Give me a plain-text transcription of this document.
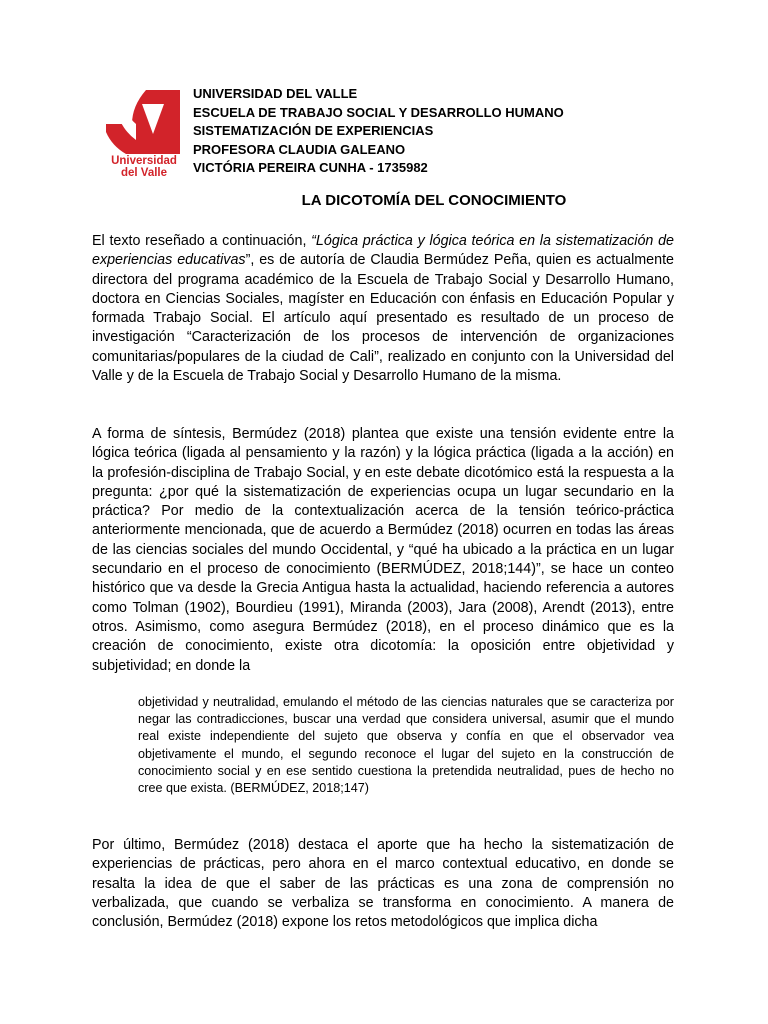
Universidad
del Valle
UNIVERSIDAD DEL VALLE
ESCUELA DE TRABAJO SOCIAL Y DESARROLLO HUMANO
SISTEMATIZACIÓN DE EXPERIENCIAS
PROFESORA CLAUDIA GALEANO
VICTÓRIA PEREIRA CUNHA - 1735982
LA DICOTOMÍA DEL CONOCIMIENTO
El texto reseñado a continuación, “Lógica práctica y lógica teórica en la sistematización de experiencias educativas”, es de autoría de Claudia Bermúdez Peña, quien es actualmente directora del programa académico de la Escuela de Trabajo Social y Desarrollo Humano, doctora en Ciencias Sociales, magíster en Educación con énfasis en Educación Popular y formada Trabajo Social. El artículo aquí presentado es resultado de un proceso de investigación “Caracterización de los procesos de intervención de organizaciones comunitarias/populares de la ciudad de Cali”, realizado en conjunto con la Universidad del Valle y de la Escuela de Trabajo Social y Desarrollo Humano de la misma.
A forma de síntesis, Bermúdez (2018) plantea que existe una tensión evidente entre la lógica teórica (ligada al pensamiento y la razón) y la lógica práctica (ligada a la acción) en la profesión-disciplina de Trabajo Social, y en este debate dicotómico está la respuesta a la pregunta: ¿por qué la sistematización de experiencias ocupa un lugar secundario en la práctica? Por medio de la contextualización acerca de la tensión teórico-práctica anteriormente mencionada, que de acuerdo a Bermúdez (2018) ocurren en todas las áreas de las ciencias sociales del mundo Occidental, y “qué ha ubicado a la práctica en un lugar secundario en el proceso de conocimiento (BERMÚDEZ, 2018;144)”, se hace un conteo histórico que va desde la Grecia Antigua hasta la actualidad, haciendo referencia a autores como Tolman (1902), Bourdieu (1991), Miranda (2003), Jara (2008), Arendt (2013), entre otros. Asimismo, como asegura Bermúdez (2018), en el proceso dinámico que es la creación de conocimiento, existe otra dicotomía: la oposición entre objetividad y subjetividad; en donde la
objetividad y neutralidad, emulando el método de las ciencias naturales que se caracteriza por negar las contradicciones, buscar una verdad que considera universal, asumir que el mundo real existe independiente del sujeto que observa y confía en que el observador vea objetivamente el mundo, el segundo reconoce el lugar del sujeto en la construcción de conocimiento social y en ese sentido cuestiona la pretendida neutralidad, pues de hecho no cree que exista. (BERMÚDEZ, 2018;147)
Por último, Bermúdez (2018) destaca el aporte que ha hecho la sistematización de experiencias de prácticas, pero ahora en el marco contextual educativo, en donde se resalta la idea de que el saber de las prácticas es una zona de comprensión no verbalizada, que cuando se verbaliza se transforma en conocimiento. A manera de conclusión, Bermúdez (2018) expone los retos metodológicos que implica dicha
